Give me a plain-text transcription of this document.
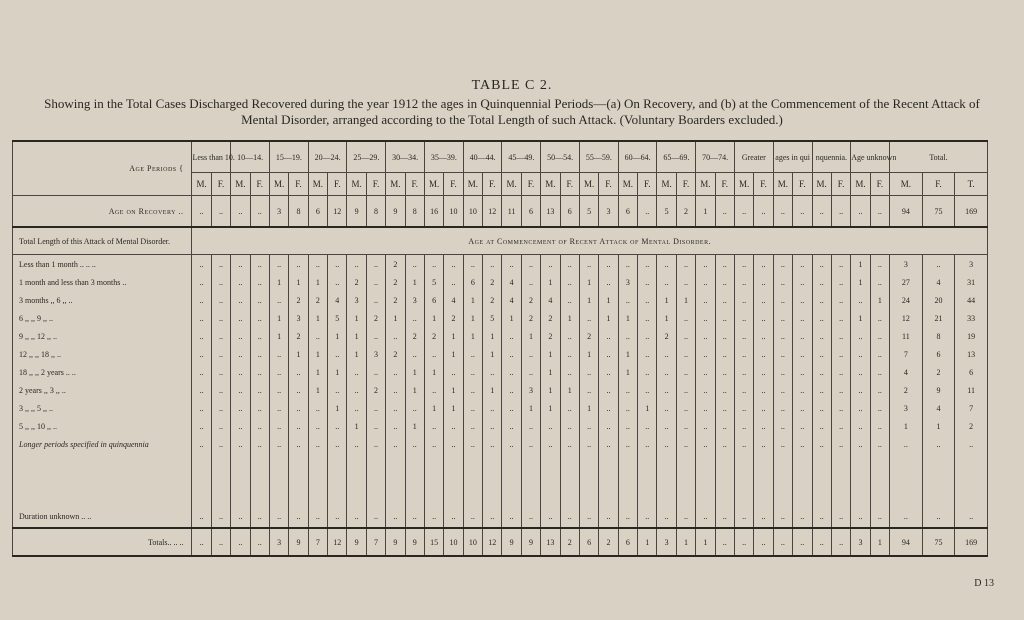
TABLE C 2.
Showing in the Total Cases Discharged Recovered during the year 1912 the ages in Quinquennial Periods—(a) On Recovery, and (b) at the Commencement of the Recent Attack of Mental Disorder, arranged according to the Total Length of such Attack. (Voluntary Boarders excluded.)
Age Periods {	Less than 10.		10—14.		15—19.		20—24.		25—29.		30—34.		35—39.		40—44.		45—49.		50—54.		55—59.		60—64.		65—69.		70—74.		Greater		ages in qui		nquennia.		Age unknown		Total.		
	M.	F.	M.	F.	M.	F.	M.	F.	M.	F.	M.	F.	M.	F.	M.	F.	M.	F.	M.	F.	M.	F.	M.	F.	M.	F.	M.	F.	M.	F.	M.	F.	M.	F.	M.	F.	M.	F.	T.
Age on Recovery ..	..	..	..	..	3	8	6	12	9	8	9	8	16	10	10	12	11	6	13	6	5	3	6	..	5	2	1	..	..	..	..	..	..	..	..	..	94	75	169
Total Length of this Attack of Mental Disorder.	Age at Commencement of Recent Attack of Mental Disorder.																																						
Less than 1 month .. .. ..	..	..	..	..	..	..	..	..	..	..	2	..	..	..	..	..	..	..	..	..	..	..	..	..	..	..	..	..	..	..	..	..	..	..	1	..	3	..	3
1 month and less than 3 months ..	..	..	..	..	1	1	1	..	2	..	2	1	5	..	6	2	4	..	1	..	1	..	3	..	..	..	..	..	..	..	..	..	..	..	1	..	27	4	31
3 months ,, 6 ,, ..	..	..	..	..	..	2	2	4	3	..	2	3	6	4	1	2	4	2	4	..	1	1	..	..	1	1	..	..	..	..	..	..	..	..	..	1	24	20	44
6 ,, ,, 9 ,, ..	..	..	..	..	1	3	1	5	1	2	1	..	1	2	1	5	1	2	2	1	..	1	1	..	1	..	..	..	..	..	..	..	..	..	1	..	12	21	33
9 ,, ,, 12 ,, ..	..	..	..	..	1	2	..	1	1	..	..	2	2	1	1	1	..	1	2	..	2	..	..	..	2	..	..	..	..	..	..	..	..	..	..	..	11	8	19
12 ,, ,, 18 ,, ..	..	..	..	..	..	1	1	..	1	3	2	..	..	1	..	1	..	..	1	..	1	..	1	..	..	..	..	..	..	..	..	..	..	..	..	..	7	6	13
18 ,, ,, 2 years .. ..	..	..	..	..	..	..	1	1	..	..	..	1	1	..	..	..	..	..	1	..	..	..	1	..	..	..	..	..	..	..	..	..	..	..	..	..	4	2	6
2 years ,, 3 ,, ..	..	..	..	..	..	..	1	..	..	2	..	1	..	1	..	1	..	3	1	1	..	..	..	..	..	..	..	..	..	..	..	..	..	..	..	..	2	9	11
3 ,, ,, 5 ,, ..	..	..	..	..	..	..	..	1	..	..	..	..	1	1	..	..	..	1	1	..	1	..	..	1	..	..	..	..	..	..	..	..	..	..	..	..	3	4	7
5 ,, ,, 10 ,, ..	..	..	..	..	..	..	..	..	1	..	..	1	..	..	..	..	..	..	..	..	..	..	..	..	..	..	..	..	..	..	..	..	..	..	..	..	1	1	2
Longer periods specified in quinquennia	..	..	..	..	..	..	..	..	..	..	..	..	..	..	..	..	..	..	..	..	..	..	..	..	..	..	..	..	..	..	..	..	..	..	..	..	..	..	..

Duration unknown .. ..	..	..	..	..	..	..	..	..	..	..	..	..	..	..	..	..	..	..	..	..	..	..	..	..	..	..	..	..	..	..	..	..	..	..	..	..	..	..	..
Totals.. .. ..	..	..	..	..	3	9	7	12	9	7	9	9	15	10	10	12	9	9	13	2	6	2	6	1	3	1	1	..	..	..	..	..	..	..	3	1	94	75	169
D 13
